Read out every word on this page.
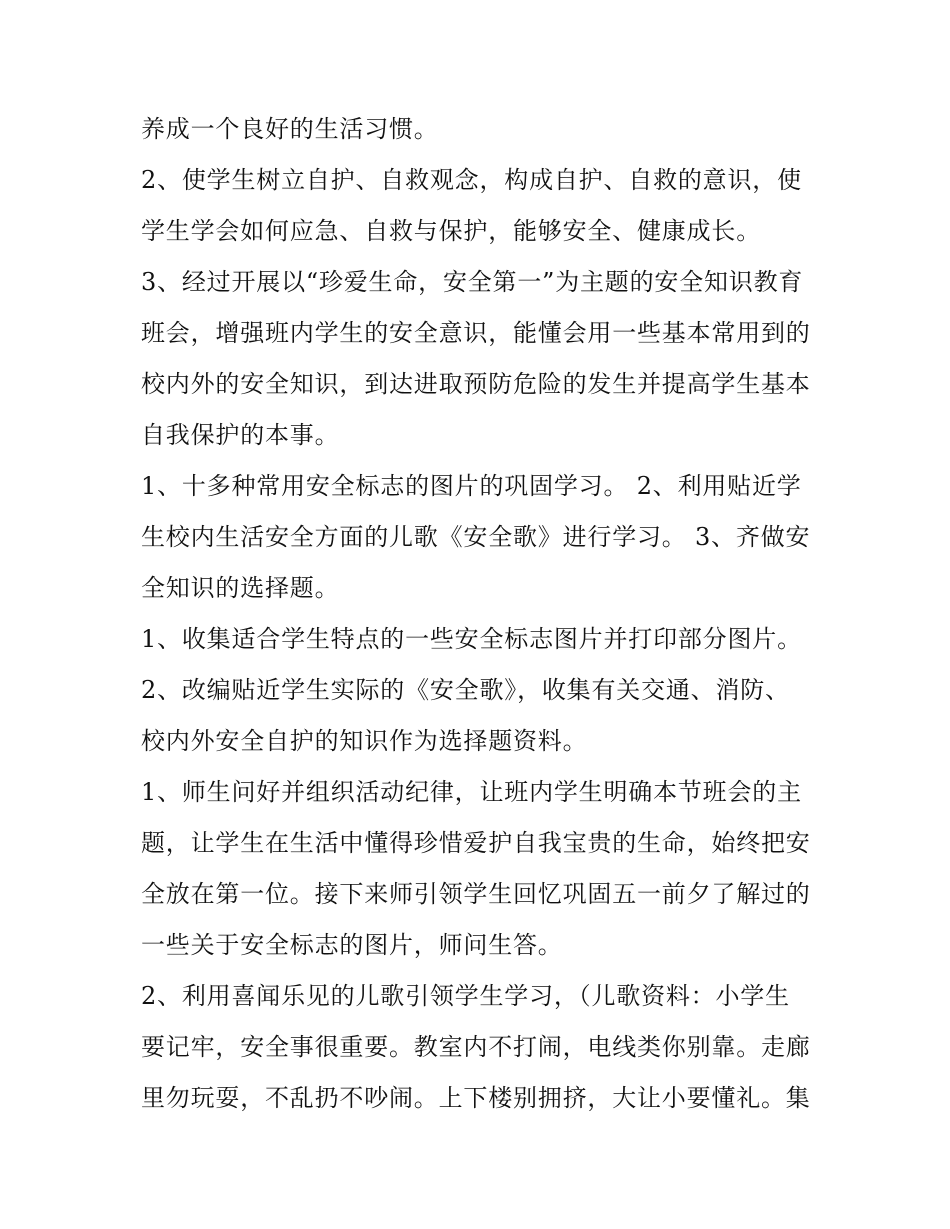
养成一个良好的生活习惯。
2、使学生树立自护、自救观念，构成自护、自救的意识，使
学生学会如何应急、自救与保护，能够安全、健康成长。
3、经过开展以“珍爱生命，安全第一”为主题的安全知识教育
班会，增强班内学生的安全意识，能懂会用一些基本常用到的
校内外的安全知识，到达进取预防危险的发生并提高学生基本
自我保护的本事。
1、十多种常用安全标志的图片的巩固学习。 2、利用贴近学
生校内生活安全方面的儿歌《安全歌》进行学习。 3、齐做安
全知识的选择题。
1、收集适合学生特点的一些安全标志图片并打印部分图片。
2、改编贴近学生实际的《安全歌》，收集有关交通、消防、
校内外安全自护的知识作为选择题资料。
1、师生问好并组织活动纪律，让班内学生明确本节班会的主
题，让学生在生活中懂得珍惜爱护自我宝贵的生命，始终把安
全放在第一位。接下来师引领学生回忆巩固五一前夕了解过的
一些关于安全标志的图片，师问生答。
2、利用喜闻乐见的儿歌引领学生学习，（儿歌资料：小学生
要记牢，安全事很重要。教室内不打闹，电线类你别靠。走廊
里勿玩耍，不乱扔不吵闹。上下楼别拥挤，大让小要懂礼。集
